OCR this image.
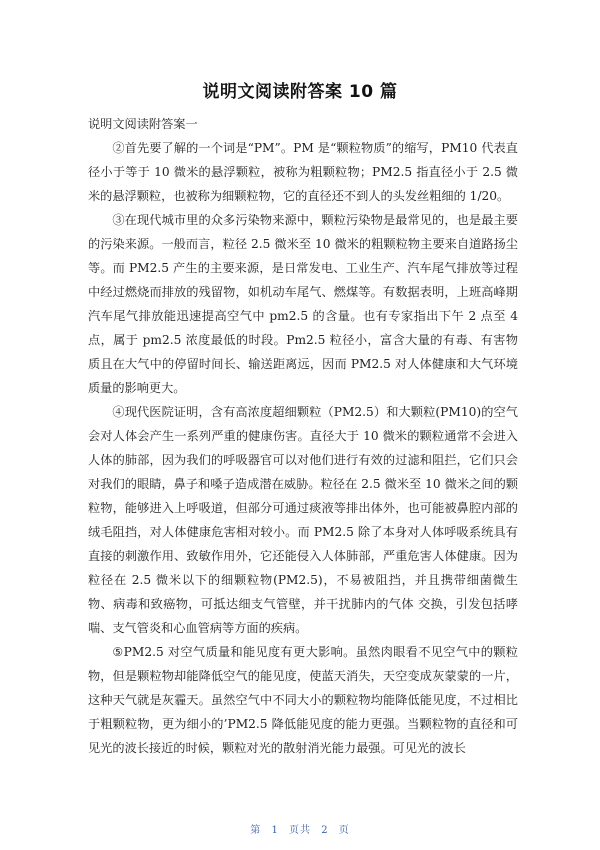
说明文阅读附答案 10 篇

说明文阅读附答案一

②首先要了解的一个词是“PM”。PM 是“颗粒物质”的缩写，PM10 代表直径小于等于 10 微米的悬浮颗粒，被称为粗颗粒物；PM2.5 指直径小于 2.5 微米的悬浮颗粒，也被称为细颗粒物，它的直径还不到人的头发丝粗细的 1/20。

③在现代城市里的众多污染物来源中，颗粒污染物是最常见的，也是最主要的污染来源。一般而言，粒径 2.5 微米至 10 微米的粗颗粒物主要来自道路扬尘等。而 PM2.5 产生的主要来源，是日常发电、工业生产、汽车尾气排放等过程中经过燃烧而排放的残留物，如机动车尾气、燃煤等。有数据表明，上班高峰期汽车尾气排放能迅速提高空气中 pm2.5 的含量。也有专家指出下午 2 点至 4 点，属于 pm2.5 浓度最低的时段。Pm2.5 粒径小，富含大量的有毒、有害物质且在大气中的停留时间长、输送距离远，因而 PM2.5 对人体健康和大气环境质量的影响更大。

④现代医院证明，含有高浓度超细颗粒（PM2.5）和大颗粒(PM10)的空气会对人体会产生一系列严重的健康伤害。直径大于 10 微米的颗粒通常不会进入人体的肺部，因为我们的呼吸器官可以对他们进行有效的过滤和阻拦，它们只会对我们的眼睛，鼻子和嗓子造成潜在威胁。粒径在 2.5 微米至 10 微米之间的颗粒物，能够进入上呼吸道，但部分可通过痰液等排出体外，也可能被鼻腔内部的绒毛阻挡，对人体健康危害相对较小。而 PM2.5 除了本身对人体呼吸系统具有直接的刺激作用、致敏作用外，它还能侵入人体肺部，严重危害人体健康。因为粒径在 2.5 微米以下的细颗粒物(PM2.5)，不易被阻挡，并且携带细菌微生物、病毒和致癌物，可抵达细支气管壁，并干扰肺内的气体 交换，引发包括哮喘、支气管炎和心血管病等方面的疾病。

⑤PM2.5 对空气质量和能见度有更大影响。虽然肉眼看不见空气中的颗粒物，但是颗粒物却能降低空气的能见度，使蓝天消失，天空变成灰蒙蒙的一片，这种天气就是灰霾天。虽然空气中不同大小的颗粒物均能降低能见度，不过相比于粗颗粒物，更为细小的’PM2.5 降低能见度的能力更强。当颗粒物的直径和可见光的波长接近的时候，颗粒对光的散射消光能力最强。可见光的波长

第 1 页共 2 页
